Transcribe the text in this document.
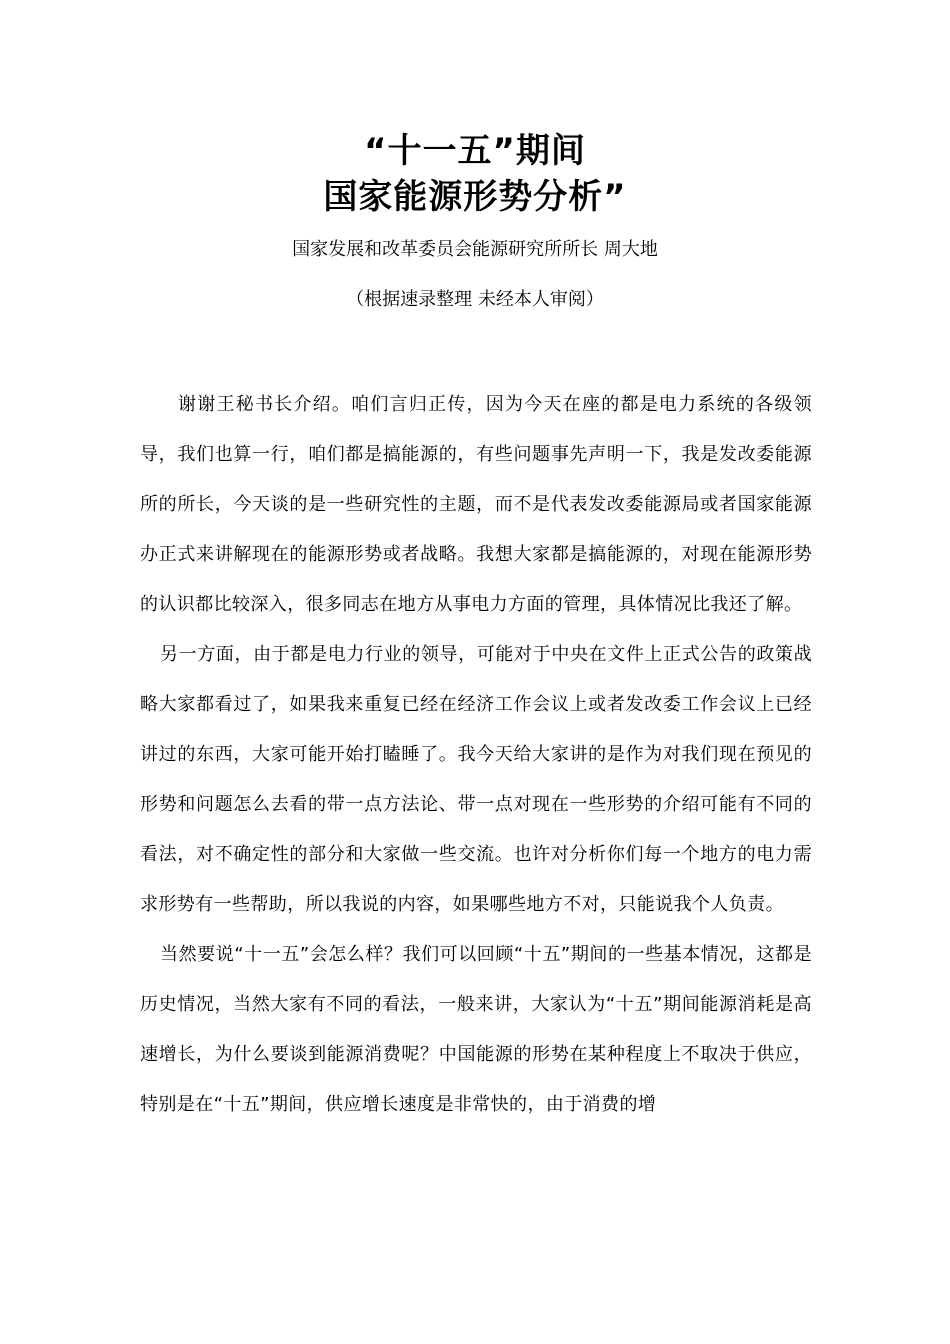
“十一五”期间
国家能源形势分析”
国家发展和改革委员会能源研究所所长 周大地
（根据速录整理 未经本人审阅）

谢谢王秘书长介绍。咱们言归正传，因为今天在座的都是电力系统的各级领导，我们也算一行，咱们都是搞能源的，有些问题事先声明一下，我是发改委能源所的所长，今天谈的是一些研究性的主题，而不是代表发改委能源局或者国家能源办正式来讲解现在的能源形势或者战略。我想大家都是搞能源的，对现在能源形势的认识都比较深入，很多同志在地方从事电力方面的管理，具体情况比我还了解。

另一方面，由于都是电力行业的领导，可能对于中央在文件上正式公告的政策战略大家都看过了，如果我来重复已经在经济工作会议上或者发改委工作会议上已经讲过的东西，大家可能开始打瞌睡了。我今天给大家讲的是作为对我们现在预见的形势和问题怎么去看的带一点方法论、带一点对现在一些形势的介绍可能有不同的看法，对不确定性的部分和大家做一些交流。也许对分析你们每一个地方的电力需求形势有一些帮助，所以我说的内容，如果哪些地方不对，只能说我个人负责。

当然要说“十一五”会怎么样？我们可以回顾“十五”期间的一些基本情况，这都是历史情况，当然大家有不同的看法，一般来讲，大家认为“十五”期间能源消耗是高速增长，为什么要谈到能源消费呢？中国能源的形势在某种程度上不取决于供应，特别是在“十五”期间，供应增长速度是非常快的，由于消费的增
